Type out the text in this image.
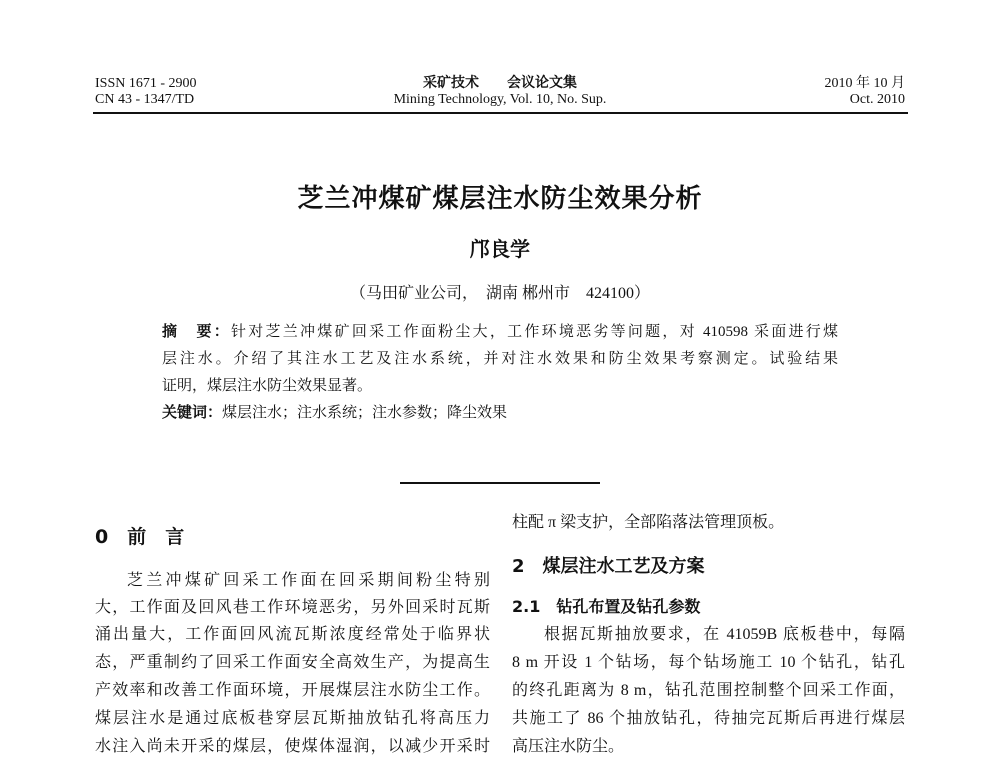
ISSN 1671 - 2900
CN 43 - 1347/TD
采矿技术　　会议论文集
Mining Technology, Vol. 10, No. Sup.
2010 年 10 月
Oct. 2010
芝兰冲煤矿煤层注水防尘效果分析
邝良学
（马田矿业公司，　湖南 郴州市　424100）
摘　要：针对芝兰冲煤矿回采工作面粉尘大，工作环境恶劣等问题，对 410598 采面进行煤
层注水。介绍了其注水工艺及注水系统，并对注水效果和防尘效果考察测定。试验结果
证明，煤层注水防尘效果显著。
关键词：煤层注水；注水系统；注水参数；降尘效果
0　前　言
芝兰冲煤矿回采工作面在回采期间粉尘特别
大，工作面及回风巷工作环境恶劣，另外回采时瓦斯
涌出量大，工作面回风流瓦斯浓度经常处于临界状
态，严重制约了回采工作面安全高效生产，为提高生
产效率和改善工作面环境，开展煤层注水防尘工作。
煤层注水是通过底板巷穿层瓦斯抽放钻孔将高压力
水注入尚未开采的煤层，使煤体湿润，以减少开采时
柱配 π 梁支护，全部陷落法管理顶板。
2　煤层注水工艺及方案
2.1　钻孔布置及钻孔参数
根据瓦斯抽放要求，在 41059B 底板巷中，每隔
8 m 开设 1 个钻场，每个钻场施工 10 个钻孔，钻孔
的终孔距离为 8 m，钻孔范围控制整个回采工作面，
共施工了 86 个抽放钻孔，待抽完瓦斯后再进行煤层
高压注水防尘。
